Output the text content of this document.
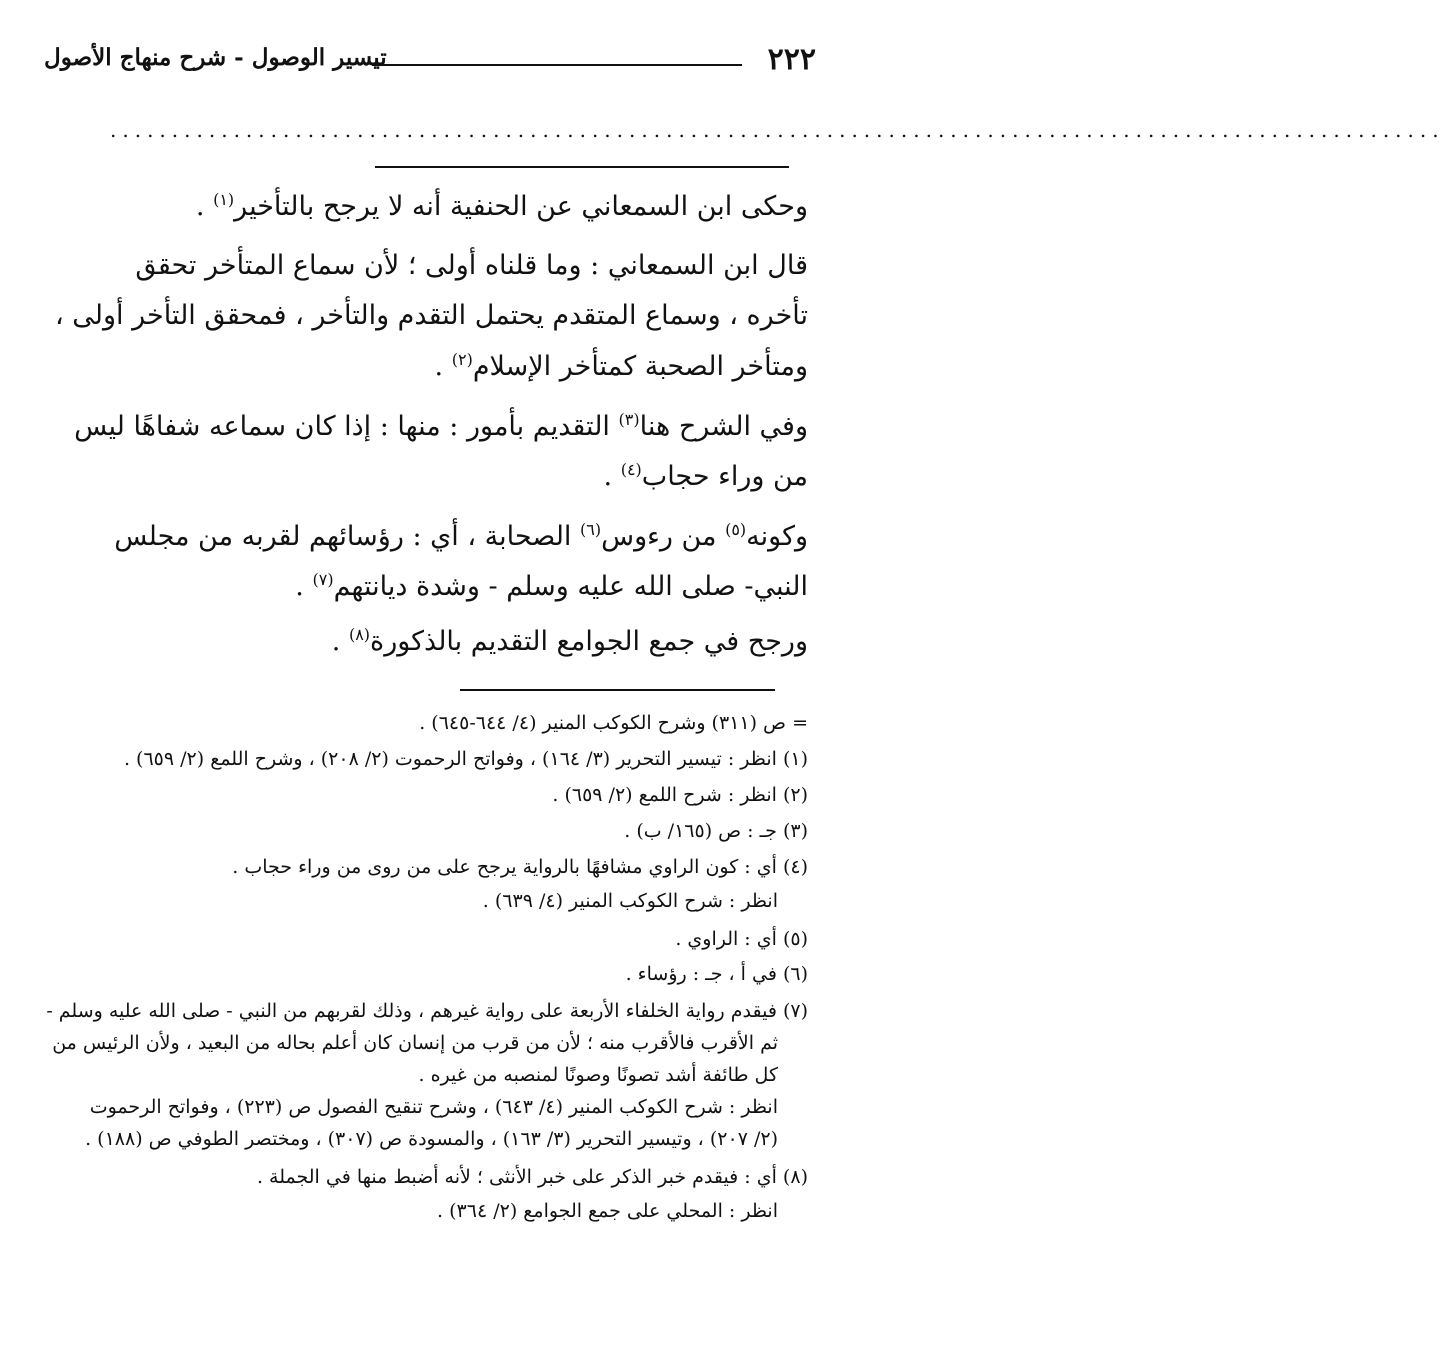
٢٢٢
تيسير الوصول - شرح منهاج الأصول
............................................................................................................
وحكى ابن السمعاني عن الحنفية أنه لا يرجح بالتأخير$^{(١)}$ .
قال ابن السمعاني : وما قلناه أولى ؛ لأن سماع المتأخر تحقق
تأخره ، وسماع المتقدم يحتمل التقدم والتأخر ، فمحقق التأخر أولى ،
ومتأخر الصحبة كمتأخر الإسلام$^{(٢)}$ .
وفي الشرح هنا$^{(٣)}$ التقديم بأمور : منها : إذا كان سماعه شفاهًا ليس
من وراء حجاب$^{(٤)}$ .
وكونه$^{(٥)}$ من رءوس$^{(٦)}$ الصحابة ، أي : رؤسائهم لقربه من مجلس
النبي- صلى الله عليه وسلم - وشدة ديانتهم$^{(٧)}$ .
ورجح في جمع الجوامع التقديم بالذكورة$^{(٨)}$ .
= ص (٣١١) وشرح الكوكب المنير (٤/ ٦٤٤-٦٤٥) .
(١) انظر : تيسير التحرير (٣/ ١٦٤) ، وفواتح الرحموت (٢/ ٢٠٨) ، وشرح اللمع (٢/ ٦٥٩) .
(٢) انظر : شرح اللمع (٢/ ٦٥٩) .
(٣) جـ : ص (١٦٥/ ب) .
(٤) أي : كون الراوي مشافهًا بالرواية يرجح على من روى من وراء حجاب .
انظر : شرح الكوكب المنير (٤/ ٦٣٩) .
(٥) أي : الراوي .
(٦) في أ ، جـ : رؤساء .
(٧) فيقدم رواية الخلفاء الأربعة على رواية غيرهم ، وذلك لقربهم من النبي - صلى الله عليه وسلم -
ثم الأقرب فالأقرب منه ؛ لأن من قرب من إنسان كان أعلم بحاله من البعيد ، ولأن الرئيس من
كل طائفة أشد تصونًا وصونًا لمنصبه من غيره .
انظر : شرح الكوكب المنير (٤/ ٦٤٣) ، وشرح تنقيح الفصول ص (٢٢٣) ، وفواتح الرحموت
(٢/ ٢٠٧) ، وتيسير التحرير (٣/ ١٦٣) ، والمسودة ص (٣٠٧) ، ومختصر الطوفي ص (١٨٨) .
(٨) أي : فيقدم خبر الذكر على خبر الأنثى ؛ لأنه أضبط منها في الجملة .
انظر : المحلي على جمع الجوامع (٢/ ٣٦٤) .
